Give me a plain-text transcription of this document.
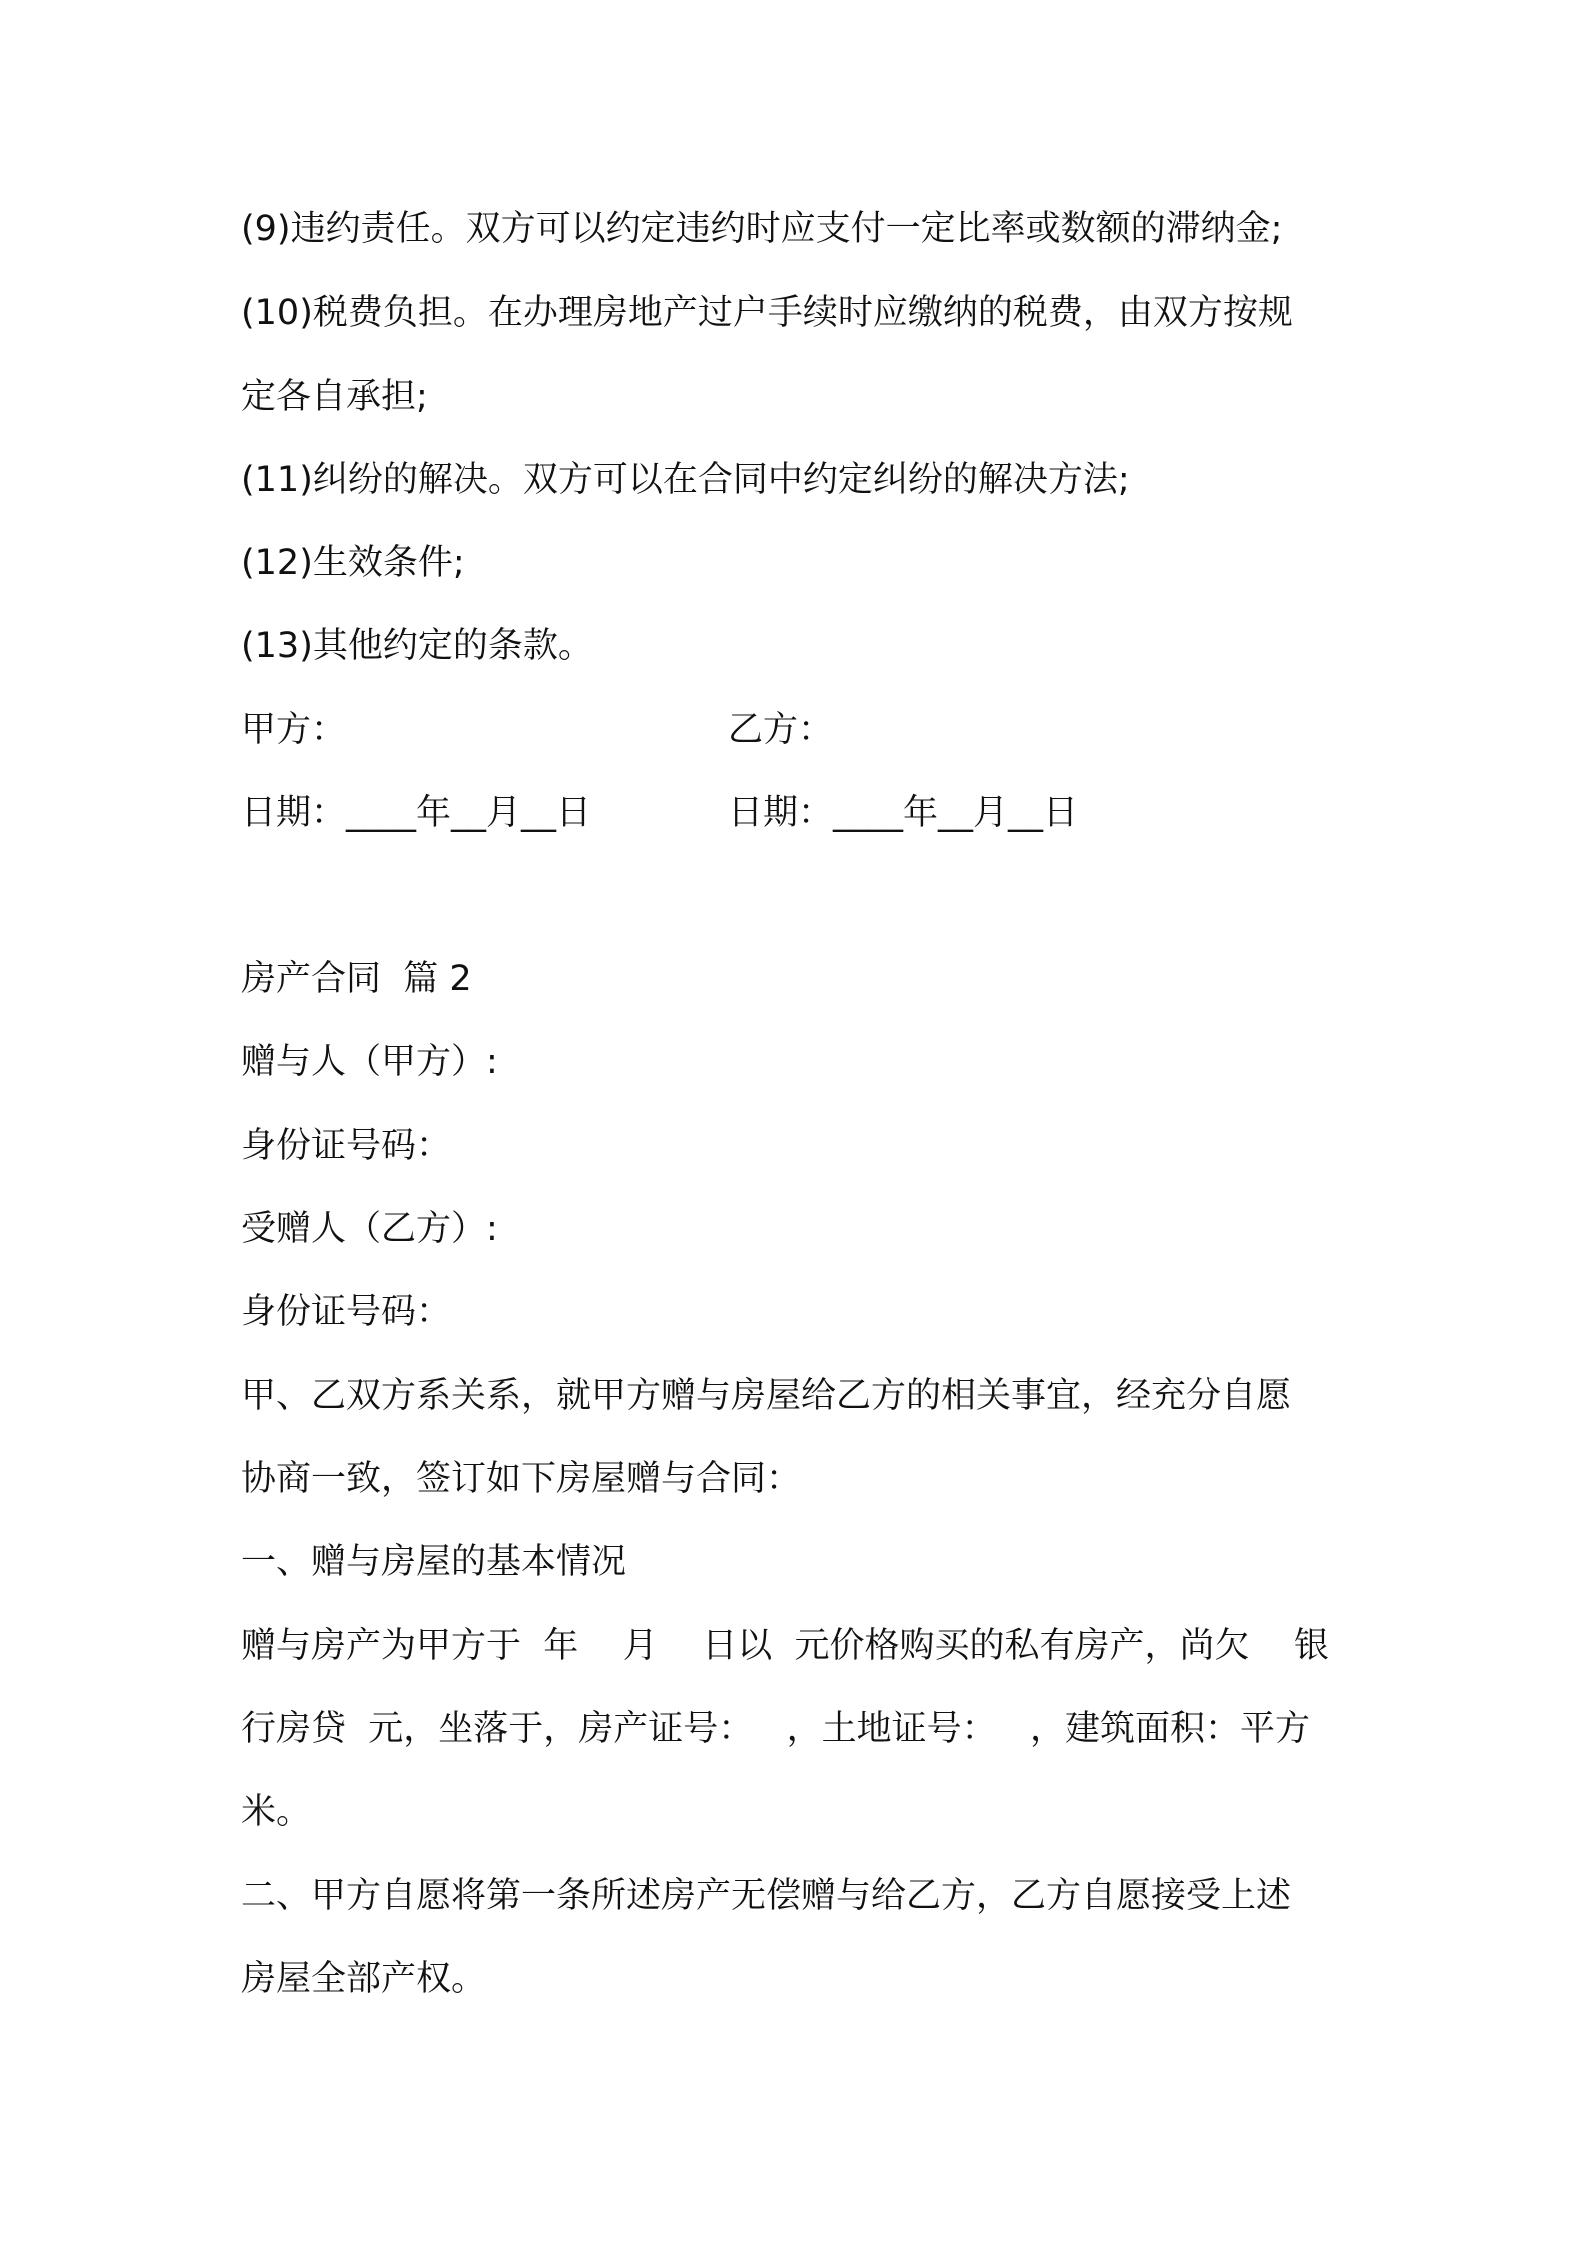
(9)违约责任。双方可以约定违约时应支付一定比率或数额的滞纳金;
(10)税费负担。在办理房地产过户手续时应缴纳的税费，由双方按规
定各自承担;
(11)纠纷的解决。双方可以在合同中约定纠纷的解决方法;
(12)生效条件;
(13)其他约定的条款。
甲方：	乙方：
日期：____年__月__日	日期：____年__月__日
房产合同  篇 2
赠与人（甲方）:
身份证号码：
受赠人（乙方）:
身份证号码：
甲、乙双方系关系，就甲方赠与房屋给乙方的相关事宜，经充分自愿
协商一致，签订如下房屋赠与合同：
一、赠与房屋的基本情况
赠与房产为甲方于  年    月    日以  元价格购买的私有房产，尚欠    银
行房贷  元，坐落于，房产证号：   ，土地证号：   ，建筑面积：平方
米。
二、甲方自愿将第一条所述房产无偿赠与给乙方，乙方自愿接受上述
房屋全部产权。
